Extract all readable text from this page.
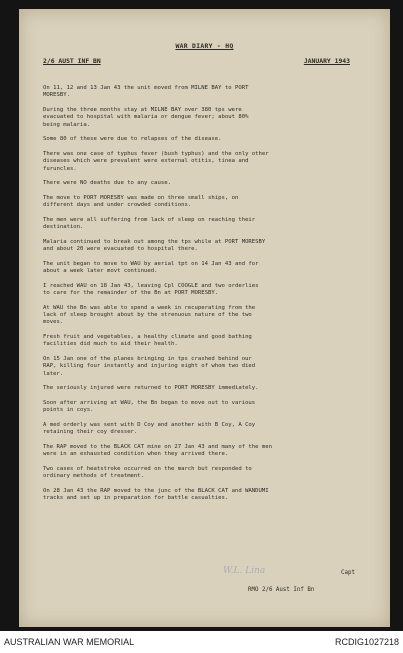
WAR DIARY - HQ
2/6 AUST INF BN	JANUARY 1943

On 11, 12 and 13 Jan 43 the unit moved from MILNE BAY to PORT
MORESBY.

During the three months stay at MILNE BAY over 380 tps were
evacuated to hospital with malaria or dengue fever; about 80%
being malaria.

Some 80 of these were due to relapses of the disease.

There was one case of typhus fever (bush typhus) and the only other
diseases which were prevalent were external otitis, tinea and
furuncles.

There were NO deaths due to any cause.

The move to PORT MORESBY was made on three small ships, on
different days and under crowded conditions.

The men were all suffering from lack of sleep on reaching their
destination.

Malaria continued to break out among the tps while at PORT MORESBY
and about 20 were evacuated to hospital there.

The unit began to move to WAU by aerial tpt on 14 Jan 43 and for
about a week later movt continued.

I reached WAU on 18 Jan 43, leaving Cpl COOGLE and two orderlies
to care for the remainder of the Bn at PORT MORESBY.

At WAU the Bn was able to spend a week in recuperating from the
lack of sleep brought about by the strenuous nature of the two
moves.

Fresh fruit and vegetables, a healthy climate and good bathing
facilities did much to aid their health.

On 15 Jan one of the planes bringing in tps crashed behind our
RAP, killing four instantly and injuring eight of whom two died
later.

The seriously injured were returned to PORT MORESBY immediately.

Soon after arriving at WAU, the Bn began to move out to various
points in coys.

A med orderly was sent with D Coy and another with B Coy, A Coy
retaining their coy dresser.

The RAP moved to the BLACK CAT mine on 27 Jan 43 and many of the men
were in an exhausted condition when they arrived there.

Two cases of heatstroke occurred on the march but responded to
ordinary methods of treatment.

On 28 Jan 43 the RAP moved to the junc of the BLACK CAT and WANDUMI
tracks and set up in preparation for battle casualties.

W.L. Lina	Capt
RMO 2/6 Aust Inf Bn
AUSTRALIAN WAR MEMORIAL	RCDIG1027218
